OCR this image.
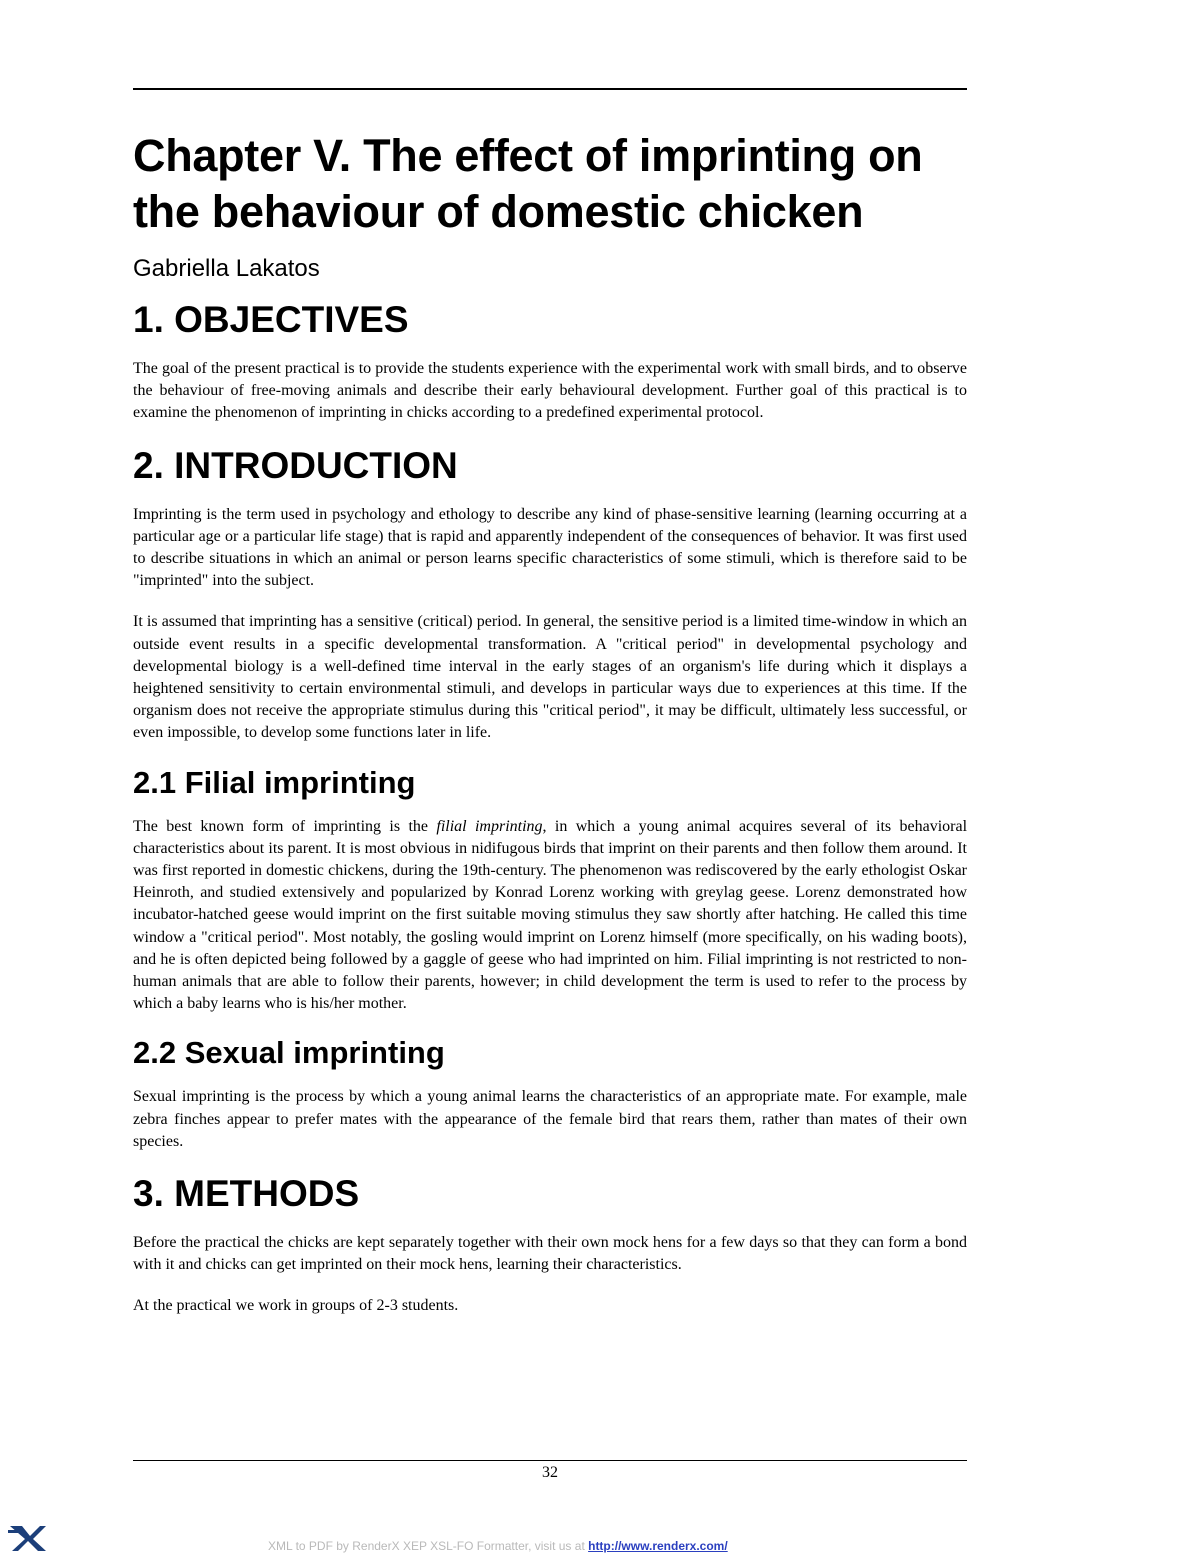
Chapter V. The effect of imprinting on the behaviour of domestic chicken
Gabriella Lakatos
1. OBJECTIVES

The goal of the present practical is to provide the students experience with the experimental work with small birds, and to observe the behaviour of free-moving animals and describe their early behavioural development. Further goal of this practical is to examine the phenomenon of imprinting in chicks according to a predefined experimental protocol.

2. INTRODUCTION

Imprinting is the term used in psychology and ethology to describe any kind of phase-sensitive learning (learning occurring at a particular age or a particular life stage) that is rapid and apparently independent of the consequences of behavior. It was first used to describe situations in which an animal or person learns specific characteristics of some stimuli, which is therefore said to be "imprinted" into the subject.

It is assumed that imprinting has a sensitive (critical) period. In general, the sensitive period is a limited time-window in which an outside event results in a specific developmental transformation. A "critical period" in developmental psychology and developmental biology is a well-defined time interval in the early stages of an organism's life during which it displays a heightened sensitivity to certain environmental stimuli, and develops in particular ways due to experiences at this time. If the organism does not receive the appropriate stimulus during this "critical period", it may be difficult, ultimately less successful, or even impossible, to develop some functions later in life.

2.1 Filial imprinting

The best known form of imprinting is the filial imprinting, in which a young animal acquires several of its behavioral characteristics about its parent. It is most obvious in nidifugous birds that imprint on their parents and then follow them around. It was first reported in domestic chickens, during the 19th-century. The phenomenon was rediscovered by the early ethologist Oskar Heinroth, and studied extensively and popularized by Konrad Lorenz working with greylag geese. Lorenz demonstrated how incubator-hatched geese would imprint on the first suitable moving stimulus they saw shortly after hatching. He called this time window a "critical period". Most notably, the gosling would imprint on Lorenz himself (more specifically, on his wading boots), and he is often depicted being followed by a gaggle of geese who had imprinted on him. Filial imprinting is not restricted to non-human animals that are able to follow their parents, however; in child development the term is used to refer to the process by which a baby learns who is his/her mother.

2.2 Sexual imprinting

Sexual imprinting is the process by which a young animal learns the characteristics of an appropriate mate. For example, male zebra finches appear to prefer mates with the appearance of the female bird that rears them, rather than mates of their own species.

3. METHODS

Before the practical the chicks are kept separately together with their own mock hens for a few days so that they can form a bond with it and chicks can get imprinted on their mock hens, learning their characteristics.

At the practical we work in groups of 2-3 students.

32
XML to PDF by RenderX XEP XSL-FO Formatter, visit us at http://www.renderx.com/
